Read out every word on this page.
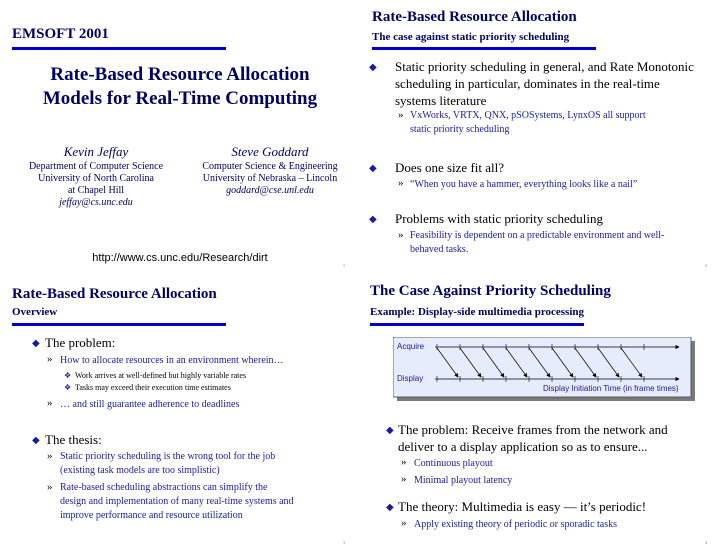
EMSOFT 2001
Rate-Based Resource Allocation
Models for Real-Time Computing
Kevin Jeffay
Department of Computer Science
University of North Carolina
at Chapel Hill
jeffay@cs.unc.edu
Steve Goddard
Computer Science & Engineering
University of Nebraska – Lincoln
goddard@cse.unl.edu
http://www.cs.unc.edu/Research/dirt
1
Rate-Based Resource Allocation
The case against static priority scheduling
◆ Static priority scheduling in general, and Rate Monotonic
scheduling in particular, dominates in the real-time
systems literature
» VxWorks, VRTX, QNX, pSOSystems, LynxOS all support
static priority scheduling
◆ Does one size fit all?
» “When you have a hammer, everything looks like a nail”
◆ Problems with static priority scheduling
» Feasibility is dependent on a predictable environment and well-
behaved tasks.
2
Rate-Based Resource Allocation
Overview
◆ The problem:
» How to allocate resources in an environment wherein…
❖ Work arrives at well-defined but highly variable rates
❖ Tasks may exceed their execution time estimates
» … and still guarantee adherence to deadlines
◆ The thesis:
» Static priority scheduling is the wrong tool for the job
(existing task models are too simplistic)
» Rate-based scheduling abstractions can simplify the
design and implementation of many real-time systems and
improve performance and resource utilization
3
The Case Against Priority Scheduling
Example: Display-side multimedia processing
Acquire
Display
Display Initiation Time (in frame times)
◆ The problem: Receive frames from the network and
deliver to a display application so as to ensure...
» Continuous playout
» Minimal playout latency
◆ The theory: Multimedia is easy — it’s periodic!
» Apply existing theory of periodic or sporadic tasks
4
